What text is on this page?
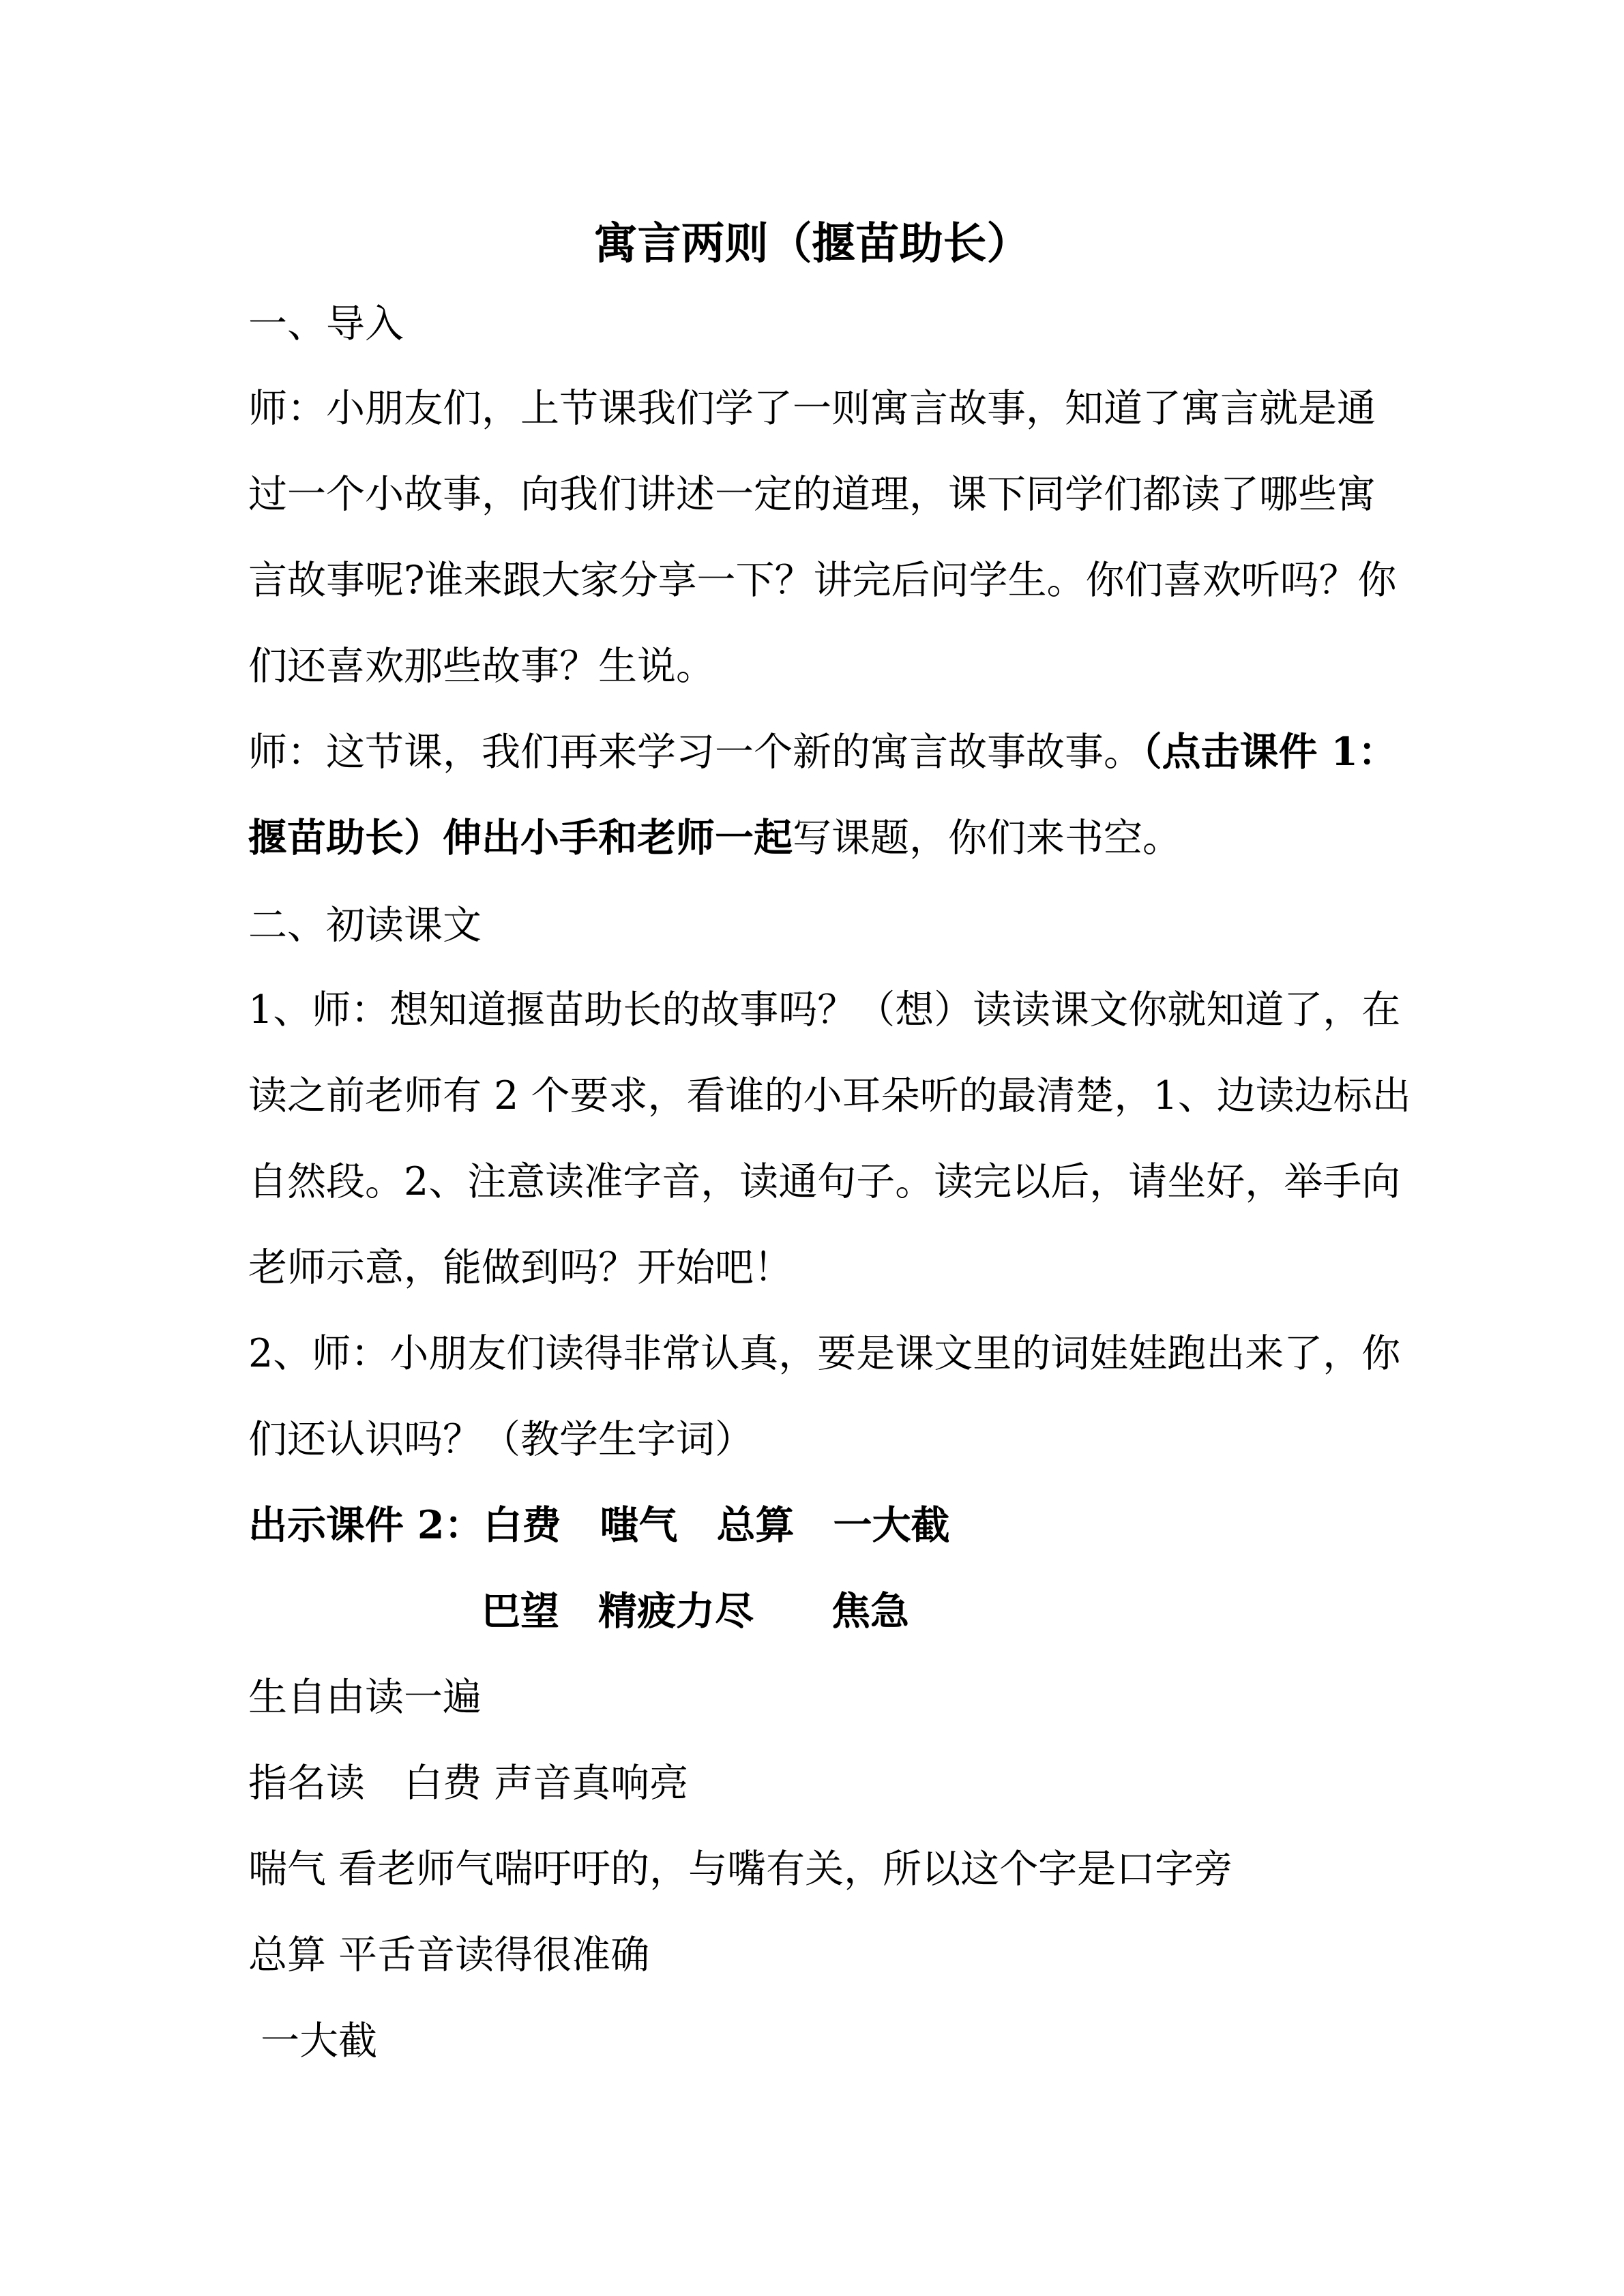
寓言两则（揠苗助长）
一、导入
师：小朋友们，上节课我们学了一则寓言故事，知道了寓言就是通
过一个小故事，向我们讲述一定的道理，课下同学们都读了哪些寓
言故事呢?谁来跟大家分享一下？讲完后问学生。你们喜欢听吗？你
们还喜欢那些故事？生说。
师：这节课，我们再来学习一个新的寓言故事故事。（点击课件 1：
揠苗助长）伸出小手和老师一起写课题，你们来书空。
二、初读课文
1、师：想知道揠苗助长的故事吗？（想）读读课文你就知道了，在
读之前老师有 2 个要求，看谁的小耳朵听的最清楚，1、边读边标出
自然段。2、注意读准字音，读通句子。读完以后，请坐好，举手向
老师示意，能做到吗？开始吧！
2、师：小朋友们读得非常认真，要是课文里的词娃娃跑出来了，你
们还认识吗？（教学生字词）
出示课件 2：白费　嗤气　总算　一大截
巴望　精疲力尽　　焦急
生自由读一遍
指名读　白费 声音真响亮
喘气 看老师气喘吁吁的，与嘴有关，所以这个字是口字旁
总算 平舌音读得很准确
一大截
